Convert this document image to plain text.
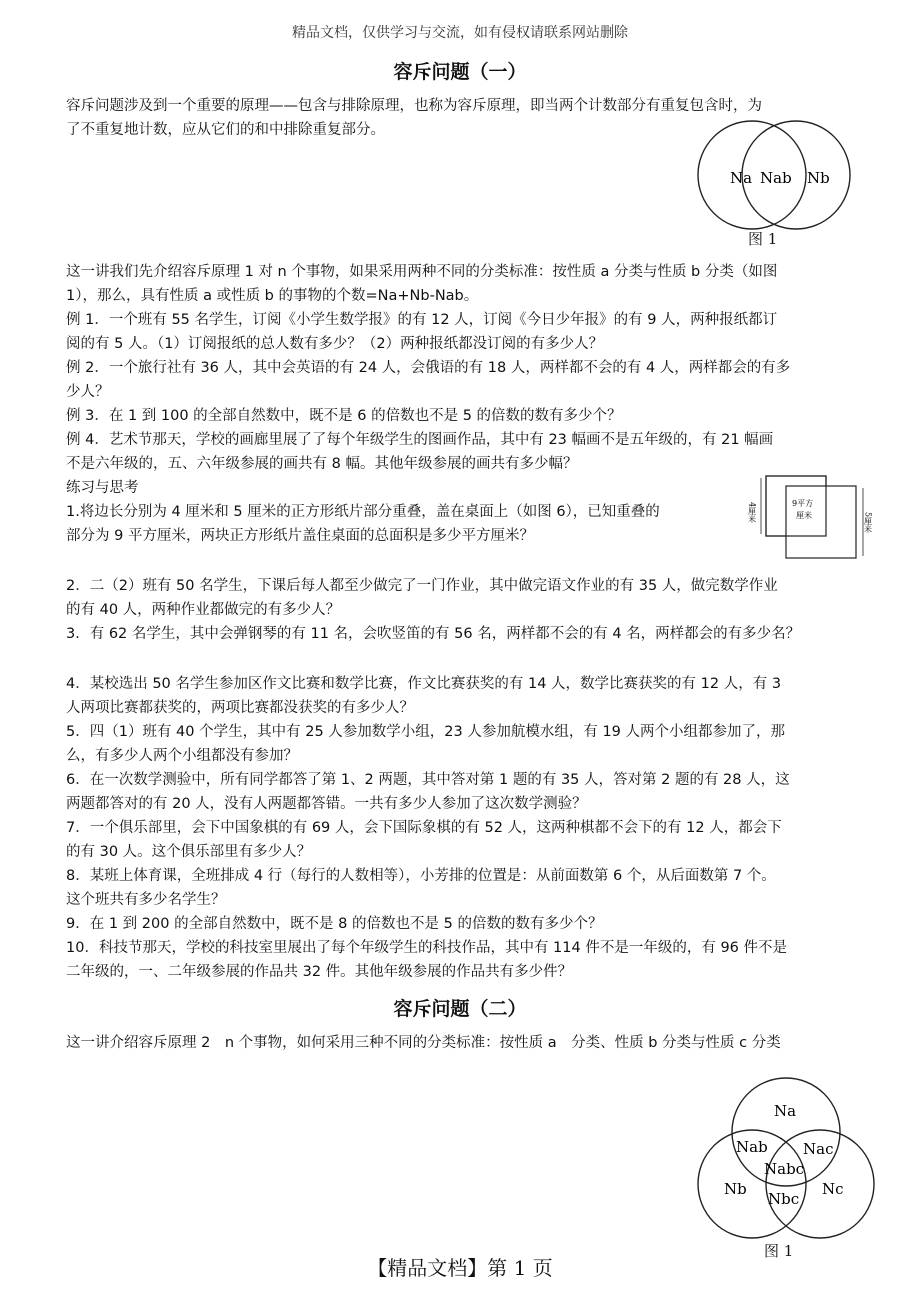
精品文档，仅供学习与交流，如有侵权请联系网站删除
容斥问题（一）
容斥问题涉及到一个重要的原理——包含与排除原理，也称为容斥原理，即当两个计数部分有重复包含时，为
了不重复地计数，应从它们的和中排除重复部分。
Na Nab Nb
图 1
这一讲我们先介绍容斥原理 1 对 n 个事物，如果采用两种不同的分类标准：按性质 a 分类与性质 b 分类（如图
1），那么，具有性质 a 或性质 b 的事物的个数=Na+Nb-Nab。
例 1．一个班有 55 名学生，订阅《小学生数学报》的有 12 人，订阅《今日少年报》的有 9 人，两种报纸都订
阅的有 5 人。（1）订阅报纸的总人数有多少？（2）两种报纸都没订阅的有多少人？
例 2．一个旅行社有 36 人，其中会英语的有 24 人，会俄语的有 18 人，两样都不会的有 4 人，两样都会的有多
少人？
例 3．在 1 到 100 的全部自然数中，既不是 6 的倍数也不是 5 的倍数的数有多少个？
例 4．艺术节那天，学校的画廊里展了了每个年级学生的图画作品，其中有 23 幅画不是五年级的，有 21 幅画
不是六年级的，五、六年级参展的画共有 8 幅。其他年级参展的画共有多少幅？
练习与思考
1.将边长分别为 4 厘米和 5 厘米的正方形纸片部分重叠，盖在桌面上（如图 6），已知重叠的
部分为 9 平方厘米，两块正方形纸片盖住桌面的总面积是多少平方厘米？
4厘米	5厘米
9平方
厘米
2．二（2）班有 50 名学生，下课后每人都至少做完了一门作业，其中做完语文作业的有 35 人，做完数学作业
的有 40 人，两种作业都做完的有多少人？
3．有 62 名学生，其中会弹钢琴的有 11 名，会吹竖笛的有 56 名，两样都不会的有 4 名，两样都会的有多少名？
4．某校选出 50 名学生参加区作文比赛和数学比赛，作文比赛获奖的有 14 人，数学比赛获奖的有 12 人，有 3
人两项比赛都获奖的，两项比赛都没获奖的有多少人？
5．四（1）班有 40 个学生，其中有 25 人参加数学小组，23 人参加航模水组，有 19 人两个小组都参加了，那
么，有多少人两个小组都没有参加？
6．在一次数学测验中，所有同学都答了第 1、2 两题，其中答对第 1 题的有 35 人，答对第 2 题的有 28 人，这
两题都答对的有 20 人，没有人两题都答错。一共有多少人参加了这次数学测验？
7．一个俱乐部里，会下中国象棋的有 69 人，会下国际象棋的有 52 人，这两种棋都不会下的有 12 人，都会下
的有 30 人。这个俱乐部里有多少人？
8．某班上体育课，全班排成 4 行（每行的人数相等），小芳排的位置是：从前面数第 6 个，从后面数第 7 个。
这个班共有多少名学生？
9．在 1 到 200 的全部自然数中，既不是 8 的倍数也不是 5 的倍数的数有多少个？
10．科技节那天，学校的科技室里展出了每个年级学生的科技作品，其中有 114 件不是一年级的，有 96 件不是
二年级的，一、二年级参展的作品共 32 件。其他年级参展的作品共有多少件？
容斥问题（二）
这一讲介绍容斥原理 2　n 个事物，如何采用三种不同的分类标准：按性质 a　分类、性质 b 分类与性质 c 分类
Na
Nab Nac
Nabc
Nb
Nbc
Nc
图 1
【精品文档】第 1 页
